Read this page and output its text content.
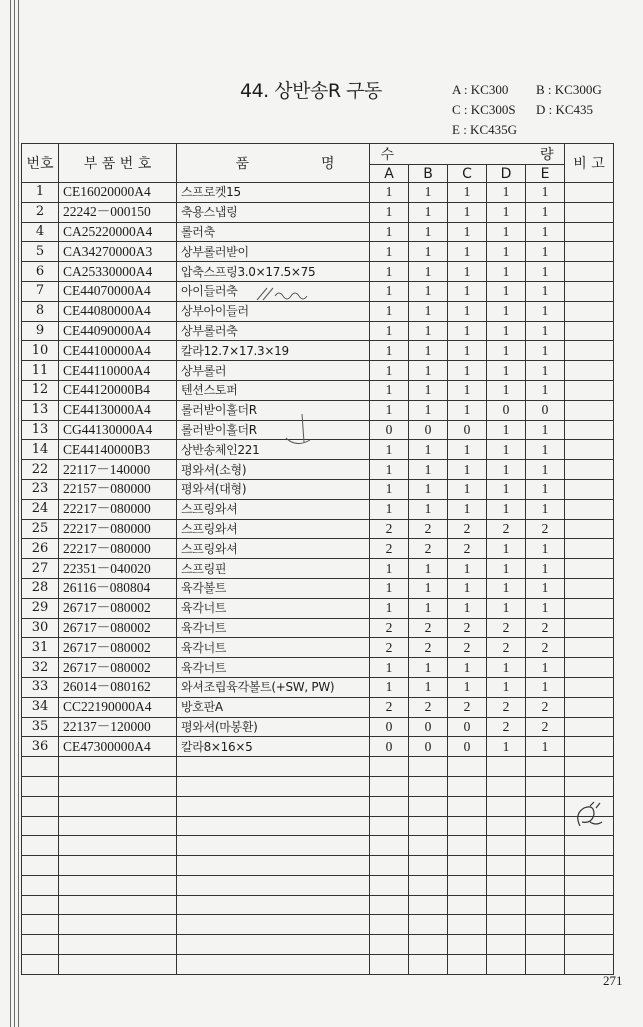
44. 상반송R 구동	A : KC300 B : KC300G
C : KC300S D : KC435
E : KC435G
번호	부 품 번 호	품 명	수 량					비 고
			A	B	C	D	E	
1	CE16020000A4	스프로켓15	1	1	1	1	1	
2	22242－000150	축용스냅링	1	1	1	1	1	
4	CA25220000A4	롤러축	1	1	1	1	1	
5	CA34270000A3	상부롤러받이	1	1	1	1	1	
6	CA25330000A4	압축스프링3.0×17.5×75	1	1	1	1	1	
7	CE44070000A4	아이들러축	1	1	1	1	1	
8	CE44080000A4	상부아이들러	1	1	1	1	1	
9	CE44090000A4	상부롤러축	1	1	1	1	1	
10	CE44100000A4	칼라12.7×17.3×19	1	1	1	1	1	
11	CE44110000A4	상부롤러	1	1	1	1	1	
12	CE44120000B4	텐션스토퍼	1	1	1	1	1	
13	CE44130000A4	롤러받이홀더R	1	1	1	0	0	
13	CG44130000A4	롤러받이홀더R	0	0	0	1	1	
14	CE44140000B3	상반송체인221	1	1	1	1	1	
22	22117－140000	평와셔(소형)	1	1	1	1	1	
23	22157－080000	평와셔(대형)	1	1	1	1	1	
24	22217－080000	스프링와셔	1	1	1	1	1	
25	22217－080000	스프링와셔	2	2	2	2	2	
26	22217－080000	스프링와셔	2	2	2	1	1	
27	22351－040020	스프링핀	1	1	1	1	1	
28	26116－080804	육각볼트	1	1	1	1	1	
29	26717－080002	육각너트	1	1	1	1	1	
30	26717－080002	육각너트	2	2	2	2	2	
31	26717－080002	육각너트	2	2	2	2	2	
32	26717－080002	육각너트	1	1	1	1	1	
33	26014－080162	와셔조립육각볼트(+SW, PW)	1	1	1	1	1	
34	CC22190000A4	방호판A	2	2	2	2	2	
35	22137－120000	평와셔(마봉환)	0	0	0	2	2	
36	CE47300000A4	칼라8×16×5	0	0	0	1	1	

271
